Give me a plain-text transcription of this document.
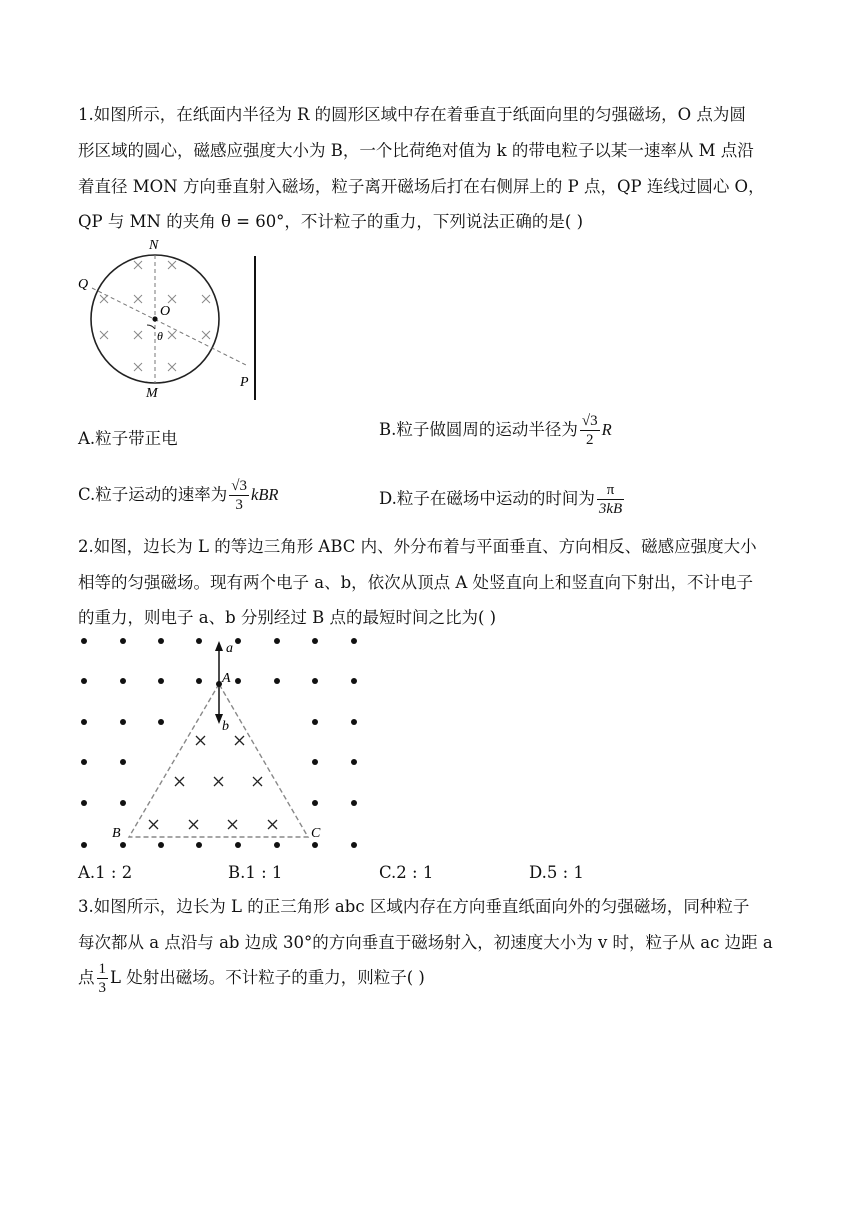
1.如图所示，在纸面内半径为 R 的圆形区域中存在着垂直于纸面向里的匀强磁场，O 点为圆
形区域的圆心，磁感应强度大小为 B，一个比荷绝对值为 k 的带电粒子以某一速率从 M 点沿
着直径 MON 方向垂直射入磁场，粒子离开磁场后打在右侧屏上的 P 点，QP 连线过圆心 O，
QP 与 MN 的夹角 θ = 60°，不计粒子的重力，下列说法正确的是( )
N
Q
O
θ
M
P
A.粒子带正电	B.粒子做圆周的运动半径为 $\frac{√3}{2}$ R
C.粒子运动的速率为 $\frac{√3}{3}$ kBR	D.粒子在磁场中运动的时间为 $\frac{\pi}{3kB}$
2.如图，边长为 L 的等边三角形 ABC 内、外分布着与平面垂直、方向相反、磁感应强度大小
相等的匀强磁场。现有两个电子 a、b，依次从顶点 A 处竖直向上和竖直向下射出，不计电子
的重力，则电子 a、b 分别经过 B 点的最短时间之比为( )
a
A
b
B	C
A.1 : 2	B.1 : 1	C.2 : 1	D.5 : 1
3.如图所示，边长为 L 的正三角形 abc 区域内存在方向垂直纸面向外的匀强磁场，同种粒子
每次都从 a 点沿与 ab 边成 30°的方向垂直于磁场射入，初速度大小为 v 时，粒子从 ac 边距 a
点 $\frac{1}{3}$ L 处射出磁场。不计粒子的重力，则粒子( )
